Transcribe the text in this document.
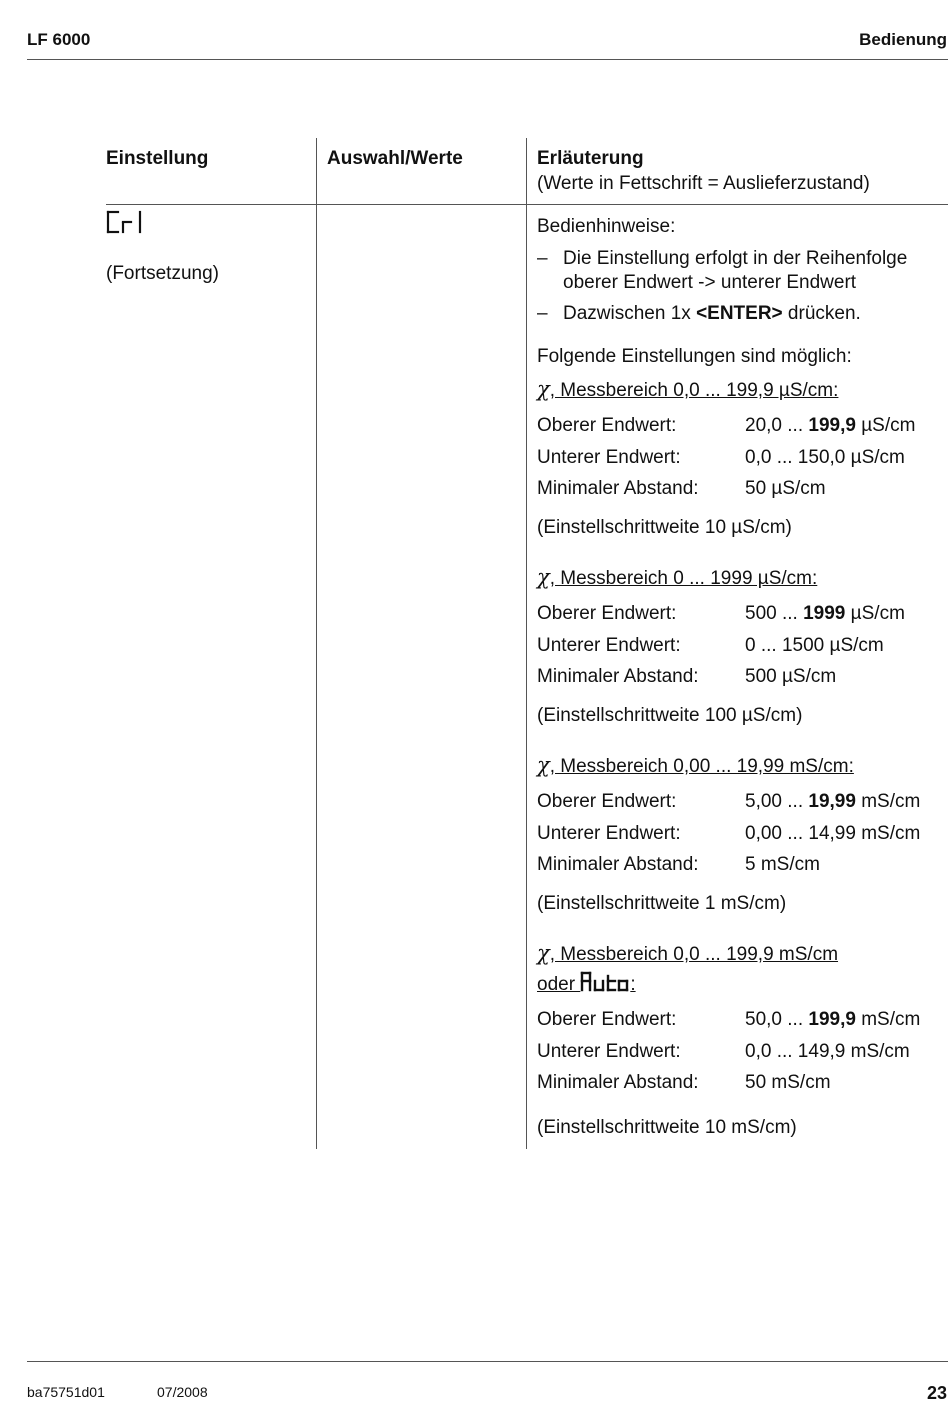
LF 6000	Bedienung
Einstellung	Auswahl/Werte	Erläuterung
(Werte in Fettschrift = Auslieferzustand)
(Fortsetzung)
Bedienhinweise:
– Die Einstellung erfolgt in der Reihenfolge
oberer Endwert -> unterer Endwert
– Dazwischen 1x <ENTER> drücken.
Folgende Einstellungen sind möglich:
χ, Messbereich 0,0 ... 199,9 µS/cm:
Oberer Endwert:	20,0 ... 199,9 µS/cm
Unterer Endwert:	0,0 ... 150,0 µS/cm
Minimaler Abstand: 50 µS/cm
(Einstellschrittweite 10 µS/cm)
χ, Messbereich 0 ... 1999 µS/cm:
Oberer Endwert:	500 ... 1999 µS/cm
Unterer Endwert:	0 ... 1500 µS/cm
Minimaler Abstand: 500 µS/cm
(Einstellschrittweite 100 µS/cm)
χ, Messbereich 0,00 ... 19,99 mS/cm:
Oberer Endwert:	5,00 ... 19,99 mS/cm
Unterer Endwert:	0,00 ... 14,99 mS/cm
Minimaler Abstand: 5 mS/cm
(Einstellschrittweite 1 mS/cm)
χ, Messbereich 0,0 ... 199,9 mS/cm
oder	:
Oberer Endwert:	50,0 ... 199,9 mS/cm
Unterer Endwert:	0,0 ... 149,9 mS/cm
Minimaler Abstand: 50 mS/cm
(Einstellschrittweite 10 mS/cm)
ba75751d01	07/2008	23
